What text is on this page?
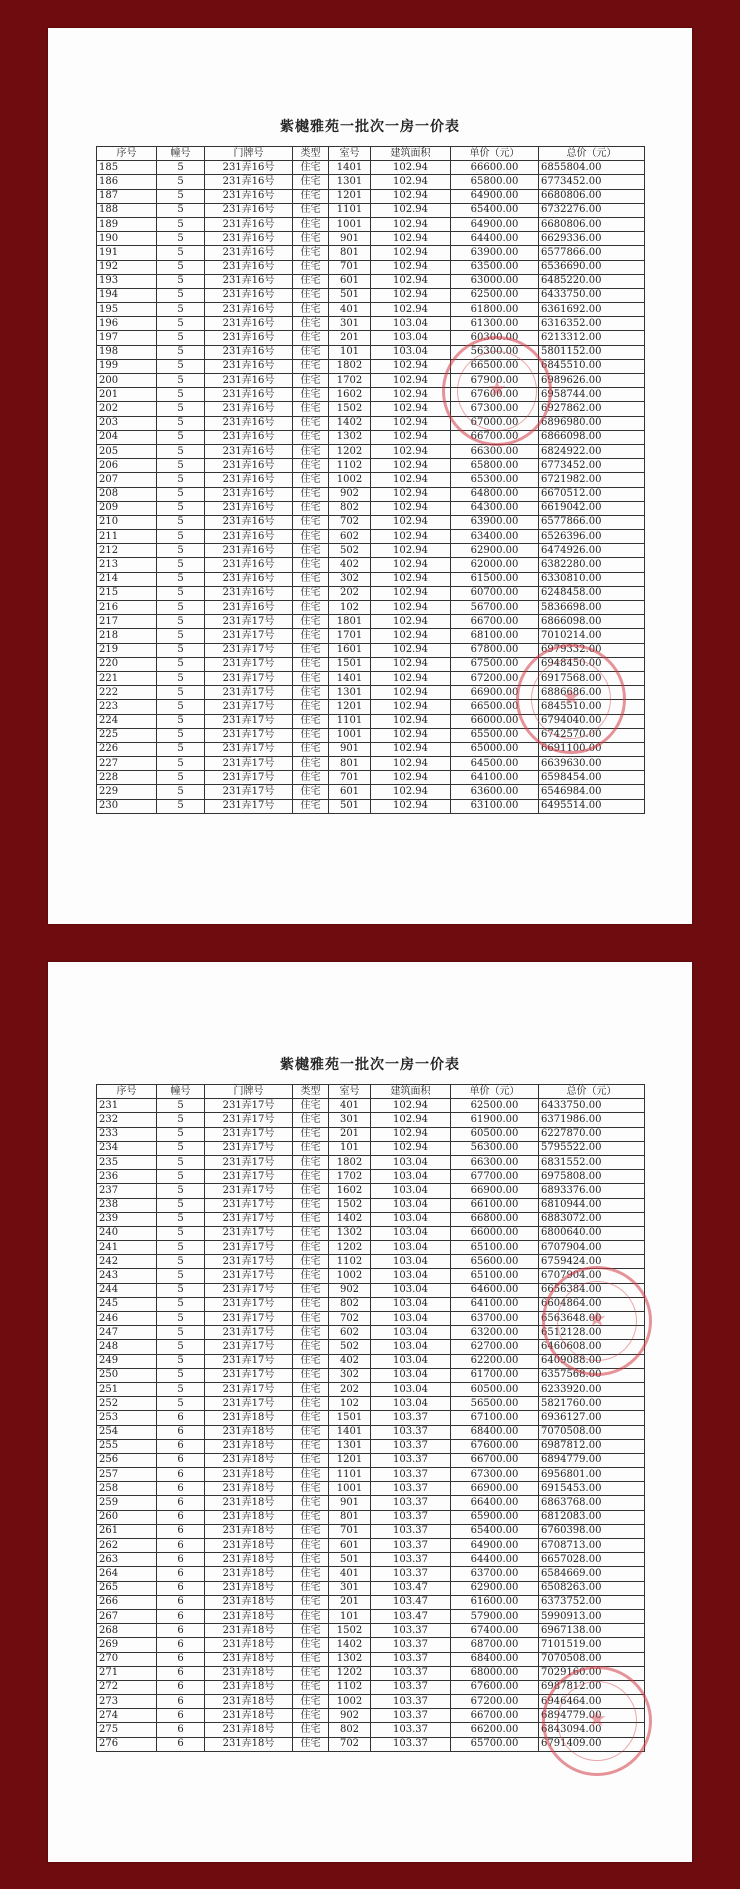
紫樾雅苑一批次一房一价表
序号	幢号	门牌号	类型	室号	建筑面积	单价（元）	总价（元）
185	5	231弄16号	住宅	1401	102.94	66600.00	6855804.00
186	5	231弄16号	住宅	1301	102.94	65800.00	6773452.00
187	5	231弄16号	住宅	1201	102.94	64900.00	6680806.00
188	5	231弄16号	住宅	1101	102.94	65400.00	6732276.00
189	5	231弄16号	住宅	1001	102.94	64900.00	6680806.00
190	5	231弄16号	住宅	901	102.94	64400.00	6629336.00
191	5	231弄16号	住宅	801	102.94	63900.00	6577866.00
192	5	231弄16号	住宅	701	102.94	63500.00	6536690.00
193	5	231弄16号	住宅	601	102.94	63000.00	6485220.00
194	5	231弄16号	住宅	501	102.94	62500.00	6433750.00
195	5	231弄16号	住宅	401	102.94	61800.00	6361692.00
196	5	231弄16号	住宅	301	103.04	61300.00	6316352.00
197	5	231弄16号	住宅	201	103.04	60300.00	6213312.00
198	5	231弄16号	住宅	101	103.04	56300.00	5801152.00
199	5	231弄16号	住宅	1802	102.94	66500.00	6845510.00
200	5	231弄16号	住宅	1702	102.94	67900.00	6989626.00
201	5	231弄16号	住宅	1602	102.94	67600.00	6958744.00
202	5	231弄16号	住宅	1502	102.94	67300.00	6927862.00
203	5	231弄16号	住宅	1402	102.94	67000.00	6896980.00
204	5	231弄16号	住宅	1302	102.94	66700.00	6866098.00
205	5	231弄16号	住宅	1202	102.94	66300.00	6824922.00
206	5	231弄16号	住宅	1102	102.94	65800.00	6773452.00
207	5	231弄16号	住宅	1002	102.94	65300.00	6721982.00
208	5	231弄16号	住宅	902	102.94	64800.00	6670512.00
209	5	231弄16号	住宅	802	102.94	64300.00	6619042.00
210	5	231弄16号	住宅	702	102.94	63900.00	6577866.00
211	5	231弄16号	住宅	602	102.94	63400.00	6526396.00
212	5	231弄16号	住宅	502	102.94	62900.00	6474926.00
213	5	231弄16号	住宅	402	102.94	62000.00	6382280.00
214	5	231弄16号	住宅	302	102.94	61500.00	6330810.00
215	5	231弄16号	住宅	202	102.94	60700.00	6248458.00
216	5	231弄16号	住宅	102	102.94	56700.00	5836698.00
217	5	231弄17号	住宅	1801	102.94	66700.00	6866098.00
218	5	231弄17号	住宅	1701	102.94	68100.00	7010214.00
219	5	231弄17号	住宅	1601	102.94	67800.00	6979332.00
220	5	231弄17号	住宅	1501	102.94	67500.00	6948450.00
221	5	231弄17号	住宅	1401	102.94	67200.00	6917568.00
222	5	231弄17号	住宅	1301	102.94	66900.00	6886686.00
223	5	231弄17号	住宅	1201	102.94	66500.00	6845510.00
224	5	231弄17号	住宅	1101	102.94	66000.00	6794040.00
225	5	231弄17号	住宅	1001	102.94	65500.00	6742570.00
226	5	231弄17号	住宅	901	102.94	65000.00	6691100.00
227	5	231弄17号	住宅	801	102.94	64500.00	6639630.00
228	5	231弄17号	住宅	701	102.94	64100.00	6598454.00
229	5	231弄17号	住宅	601	102.94	63600.00	6546984.00
230	5	231弄17号	住宅	501	102.94	63100.00	6495514.00
★
★
紫樾雅苑一批次一房一价表
序号	幢号	门牌号	类型	室号	建筑面积	单价（元）	总价（元）
231	5	231弄17号	住宅	401	102.94	62500.00	6433750.00
232	5	231弄17号	住宅	301	102.94	61900.00	6371986.00
233	5	231弄17号	住宅	201	102.94	60500.00	6227870.00
234	5	231弄17号	住宅	101	102.94	56300.00	5795522.00
235	5	231弄17号	住宅	1802	103.04	66300.00	6831552.00
236	5	231弄17号	住宅	1702	103.04	67700.00	6975808.00
237	5	231弄17号	住宅	1602	103.04	66900.00	6893376.00
238	5	231弄17号	住宅	1502	103.04	66100.00	6810944.00
239	5	231弄17号	住宅	1402	103.04	66800.00	6883072.00
240	5	231弄17号	住宅	1302	103.04	66000.00	6800640.00
241	5	231弄17号	住宅	1202	103.04	65100.00	6707904.00
242	5	231弄17号	住宅	1102	103.04	65600.00	6759424.00
243	5	231弄17号	住宅	1002	103.04	65100.00	6707904.00
244	5	231弄17号	住宅	902	103.04	64600.00	6656384.00
245	5	231弄17号	住宅	802	103.04	64100.00	6604864.00
246	5	231弄17号	住宅	702	103.04	63700.00	6563648.00
247	5	231弄17号	住宅	602	103.04	63200.00	6512128.00
248	5	231弄17号	住宅	502	103.04	62700.00	6460608.00
249	5	231弄17号	住宅	402	103.04	62200.00	6409088.00
250	5	231弄17号	住宅	302	103.04	61700.00	6357568.00
251	5	231弄17号	住宅	202	103.04	60500.00	6233920.00
252	5	231弄17号	住宅	102	103.04	56500.00	5821760.00
253	6	231弄18号	住宅	1501	103.37	67100.00	6936127.00
254	6	231弄18号	住宅	1401	103.37	68400.00	7070508.00
255	6	231弄18号	住宅	1301	103.37	67600.00	6987812.00
256	6	231弄18号	住宅	1201	103.37	66700.00	6894779.00
257	6	231弄18号	住宅	1101	103.37	67300.00	6956801.00
258	6	231弄18号	住宅	1001	103.37	66900.00	6915453.00
259	6	231弄18号	住宅	901	103.37	66400.00	6863768.00
260	6	231弄18号	住宅	801	103.37	65900.00	6812083.00
261	6	231弄18号	住宅	701	103.37	65400.00	6760398.00
262	6	231弄18号	住宅	601	103.37	64900.00	6708713.00
263	6	231弄18号	住宅	501	103.37	64400.00	6657028.00
264	6	231弄18号	住宅	401	103.37	63700.00	6584669.00
265	6	231弄18号	住宅	301	103.47	62900.00	6508263.00
266	6	231弄18号	住宅	201	103.47	61600.00	6373752.00
267	6	231弄18号	住宅	101	103.47	57900.00	5990913.00
268	6	231弄18号	住宅	1502	103.37	67400.00	6967138.00
269	6	231弄18号	住宅	1402	103.37	68700.00	7101519.00
270	6	231弄18号	住宅	1302	103.37	68400.00	7070508.00
271	6	231弄18号	住宅	1202	103.37	68000.00	7029160.00
272	6	231弄18号	住宅	1102	103.37	67600.00	6987812.00
273	6	231弄18号	住宅	1002	103.37	67200.00	6946464.00
274	6	231弄18号	住宅	902	103.37	66700.00	6894779.00
275	6	231弄18号	住宅	802	103.37	66200.00	6843094.00
276	6	231弄18号	住宅	702	103.37	65700.00	6791409.00
★
★
